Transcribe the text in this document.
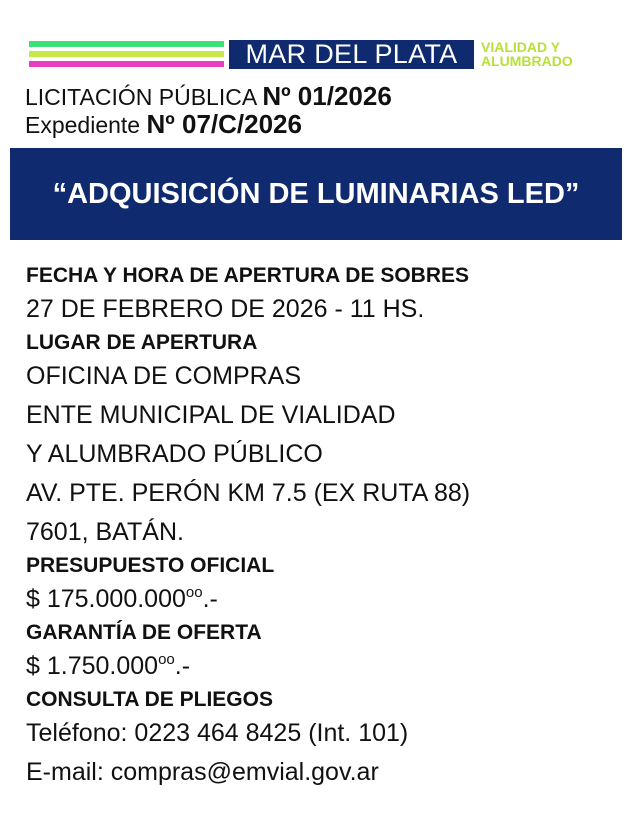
MAR DEL PLATA	VIALIDAD Y
ALUMBRADO
LICITACIÓN PÚBLICA Nº 01/2026
Expediente Nº 07/C/2026
“ADQUISICIÓN DE LUMINARIAS LED”
FECHA Y HORA DE APERTURA DE SOBRES
27 DE FEBRERO DE 2026 - 11 HS.
LUGAR DE APERTURA
OFICINA DE COMPRAS
ENTE MUNICIPAL DE VIALIDAD
Y ALUMBRADO PÚBLICO
AV. PTE. PERÓN KM 7.5 (EX RUTA 88)
7601, BATÁN.
PRESUPUESTO OFICIAL
$ $175.000.000^{oo}.-$
GARANTÍA DE OFERTA
$ $1.750.000^{oo}.-$
CONSULTA DE PLIEGOS
Teléfono: 0223 464 8425 (Int. 101)
E-mail: compras@emvial.gov.ar
